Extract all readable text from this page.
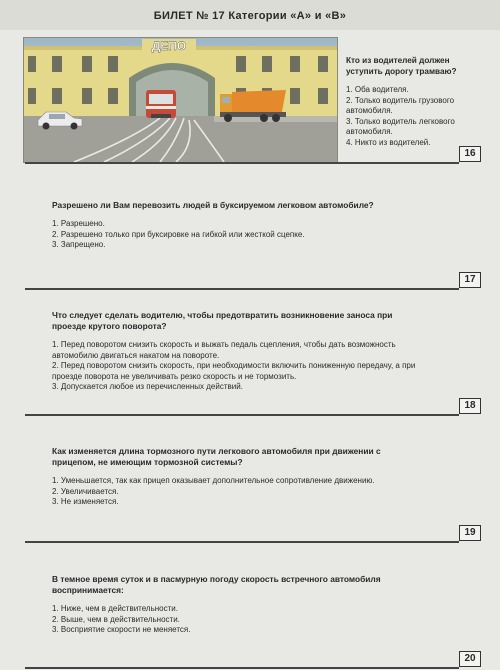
БИЛЕТ № 17 Категории «А» и «В»
ДЕПО

Кто из водителей должен уступить дорогу трамваю?

1. Оба водителя.
2. Только водитель грузового автомобиля.
3. Только водитель легкового автомобиля.
4. Никто из водителей.
16

Разрешено ли Вам перевозить людей в буксируемом легковом автомобиле?

1. Разрешено.
2. Разрешено только при буксировке на гибкой или жесткой сцепке.
3. Запрещено.
17

Что следует сделать водителю, чтобы предотвратить возникновение заноса при проезде крутого поворота?

1. Перед поворотом снизить скорость и выжать педаль сцепления, чтобы дать возможность автомобилю двигаться накатом на повороте.
2. Перед поворотом снизить скорость, при необходимости включить пониженную передачу, а при проезде поворота не увеличивать резко скорость и не тормозить.
3. Допускается любое из перечисленных действий.
18

Как изменяется длина тормозного пути легкового автомобиля при движении с прицепом, не имеющим тормозной системы?

1. Уменьшается, так как прицеп оказывает дополнительное сопротивление движению.
2. Увеличивается.
3. Не изменяется.
19

В темное время суток и в пасмурную погоду скорость встречного автомобиля воспринимается:

1. Ниже, чем в действительности.
2. Выше, чем в действительности.
3. Восприятие скорости не меняется.
20
